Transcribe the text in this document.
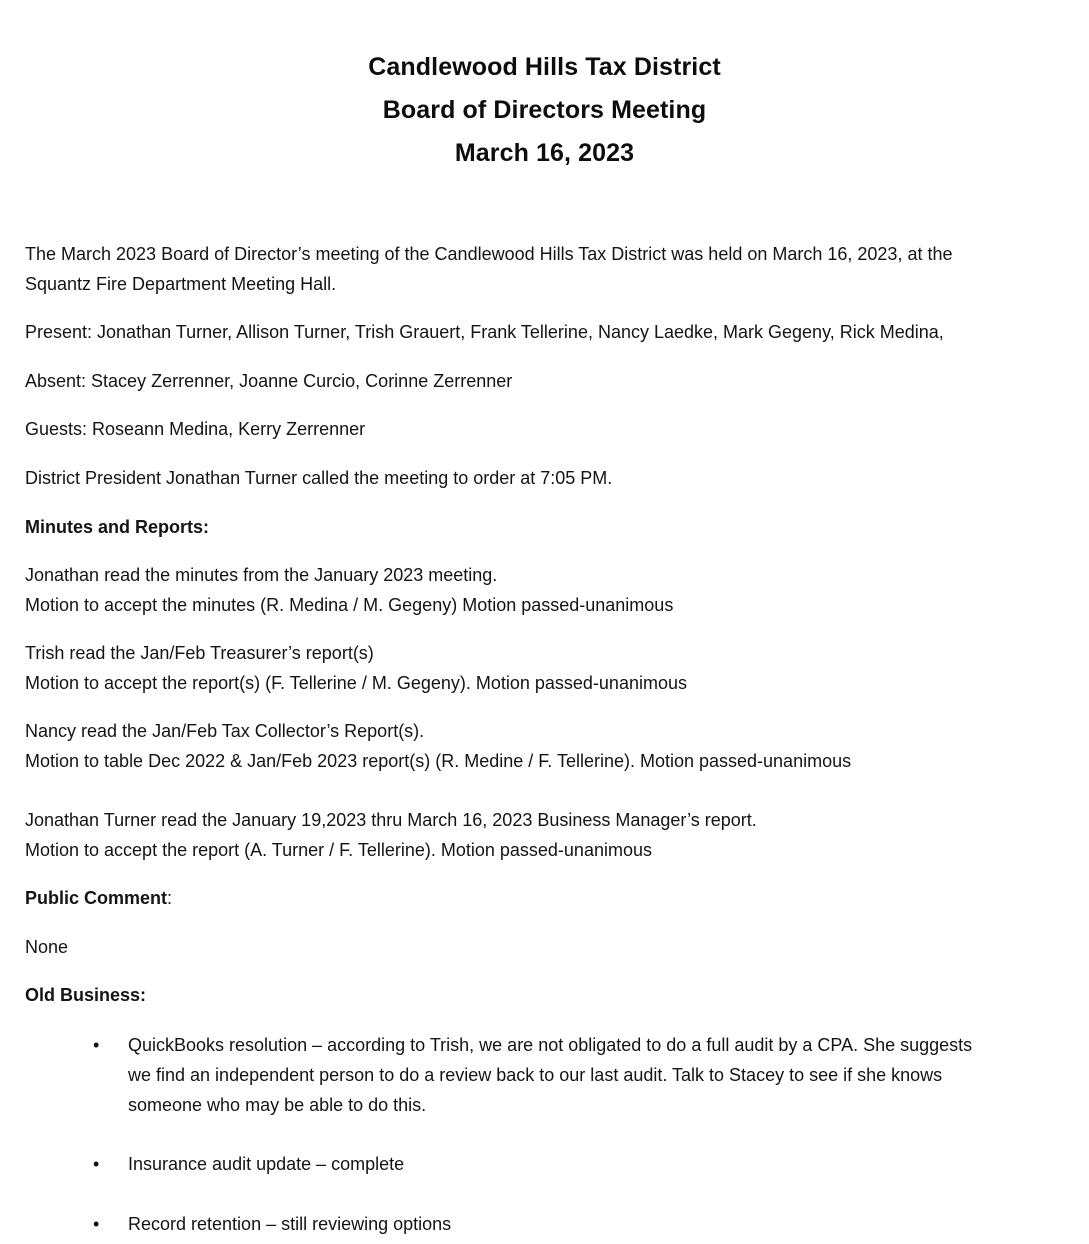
Candlewood Hills Tax District
Board of Directors Meeting
March 16, 2023
The March 2023 Board of Director’s meeting of the Candlewood Hills Tax District was held on March 16, 2023, at the
Squantz Fire Department Meeting Hall.
Present: Jonathan Turner, Allison Turner, Trish Grauert, Frank Tellerine, Nancy Laedke, Mark Gegeny, Rick Medina,
Absent: Stacey Zerrenner, Joanne Curcio, Corinne Zerrenner
Guests: Roseann Medina, Kerry Zerrenner
District President Jonathan Turner called the meeting to order at 7:05 PM.
Minutes and Reports:
Jonathan read the minutes from the January 2023 meeting.
Motion to accept the minutes (R. Medina / M. Gegeny) Motion passed-unanimous
Trish read the Jan/Feb Treasurer’s report(s)
Motion to accept the report(s) (F. Tellerine / M. Gegeny). Motion passed-unanimous
Nancy read the Jan/Feb Tax Collector’s Report(s).
Motion to table Dec 2022 & Jan/Feb 2023 report(s) (R. Medine / F. Tellerine). Motion passed-unanimous
Jonathan Turner read the January 19,2023 thru March 16, 2023 Business Manager’s report.
Motion to accept the report (A. Turner / F. Tellerine). Motion passed-unanimous
Public Comment:
None
Old Business:
• QuickBooks resolution – according to Trish, we are not obligated to do a full audit by a CPA. She suggests
we find an independent person to do a review back to our last audit. Talk to Stacey to see if she knows
someone who may be able to do this.
• Insurance audit update – complete
• Record retention – still reviewing options
